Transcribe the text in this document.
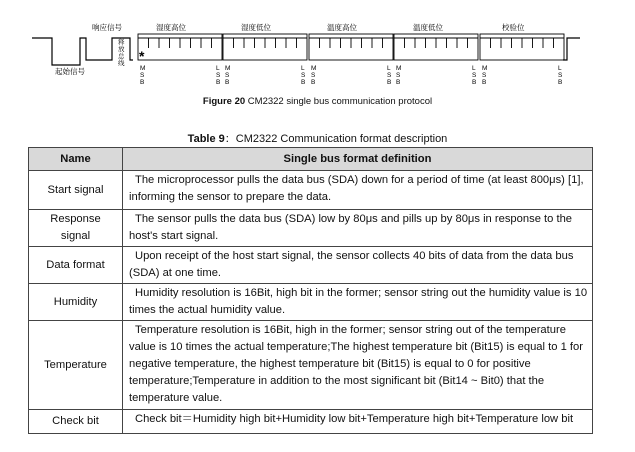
响应信号
起始信号
释
放
总
线
湿度高位	湿度低位	温度高位	温度低位	校验位
*
M
S
B
L
S
B
M
S
B
L
S
B
M
S
B
L
S
B
M
S
B
L
S
B
M
S
B
L
S
B
Figure 20 CM2322 single bus communication protocol
Table 9：CM2322 Communication format description
Name	Single bus format definition
Start signal	The microprocessor pulls the data bus (SDA) down for a period of time (at least 800μs) [1], informing the sensor to prepare the data.
Response signal	The sensor pulls the data bus (SDA) low by 80μs and pills up by 80μs in response to the host's start signal.
Data format	Upon receipt of the host start signal, the sensor collects 40 bits of data from the data bus (SDA) at one time.
Humidity	Humidity resolution is 16Bit, high bit in the former; sensor string out the humidity value is 10 times the actual humidity value.
Temperature	Temperature resolution is 16Bit, high in the former; sensor string out of the temperature value is 10 times the actual temperature;The highest temperature bit (Bit15) is equal to 1 for negative temperature, the highest temperature bit (Bit15) is equal to 0 for positive temperature;Temperature in addition to the most significant bit (Bit14 ~ Bit0) that the temperature value.
Check bit	Check bit＝Humidity high bit+Humidity low bit+Temperature high bit+Temperature low bit
